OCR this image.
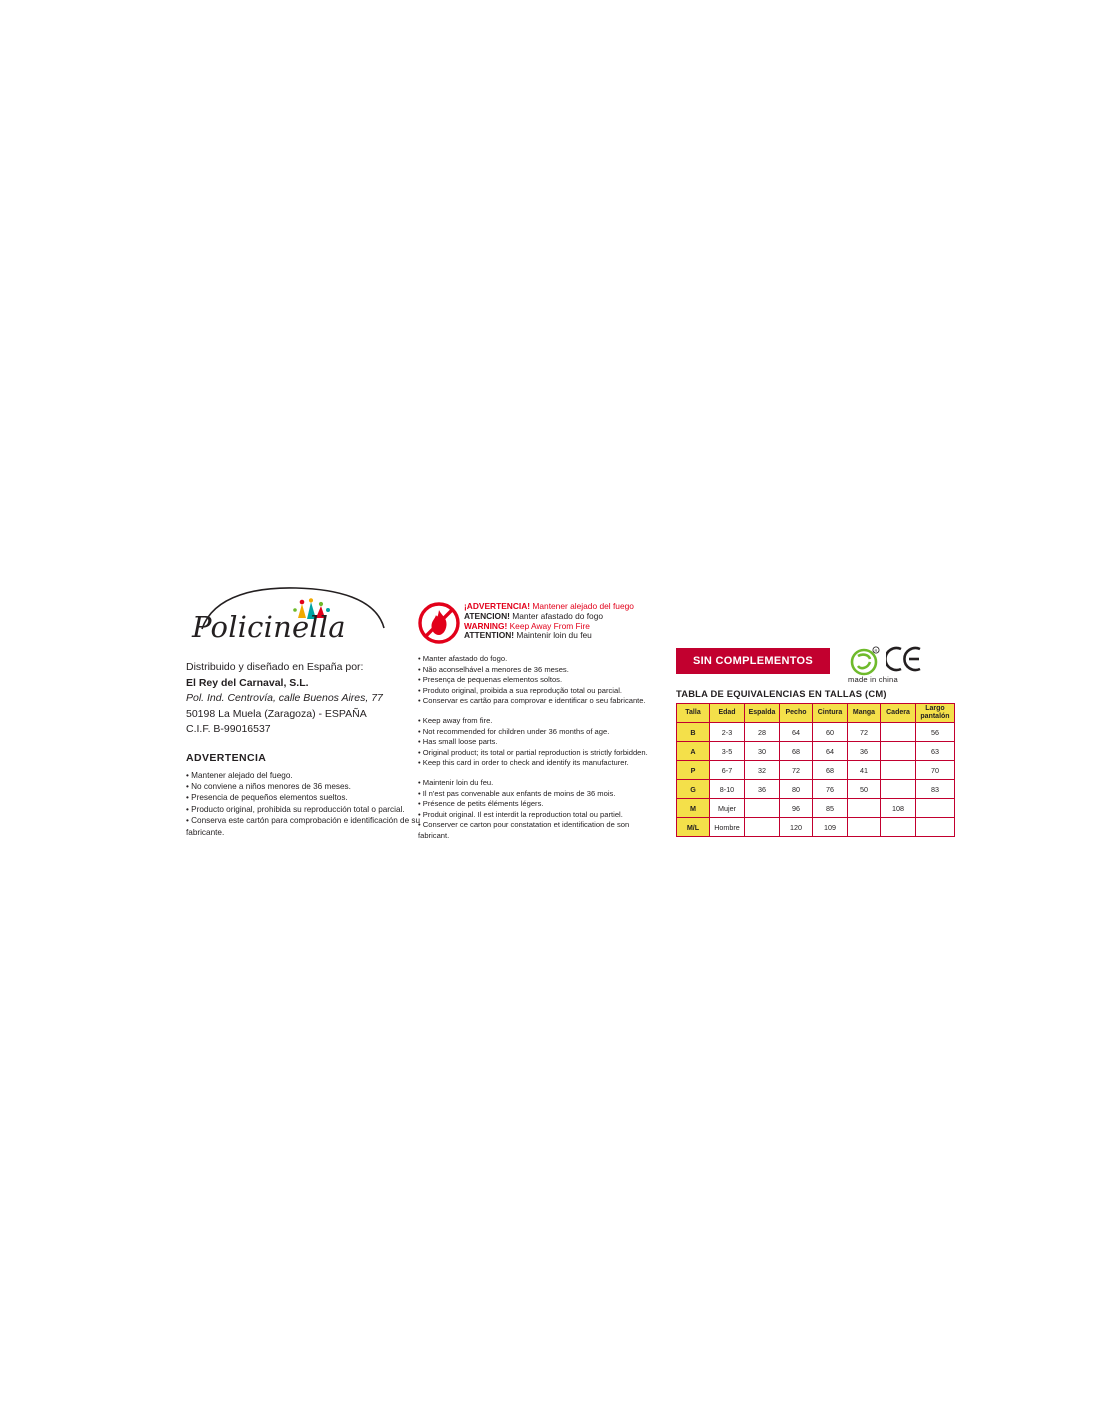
Policinella
Distribuido y diseñado en España por:
El Rey del Carnaval, S.L.
Pol. Ind. Centrovía, calle Buenos Aires, 77
50198 La Muela (Zaragoza) - ESPAÑA
C.I.F. B-99016537
ADVERTENCIA
• Mantener alejado del fuego.
• No conviene a niños menores de 36 meses.
• Presencia de pequeños elementos sueltos.
• Producto original, prohibida su reproducción total o parcial.
• Conserva este cartón para comprobación e identificación de su fabricante.
¡ADVERTENCIA! Mantener alejado del fuego
ATENCION! Manter afastado do fogo
WARNING! Keep Away From Fire
ATTENTION! Maintenir loin du feu
• Manter afastado do fogo.
• Não aconselhável a menores de 36 meses.
• Presença de pequenas elementos soltos.
• Produto original, proibida a sua reprodução total ou parcial.
• Conservar es cartão para comprovar e identificar o seu fabricante.
• Keep away from fire.
• Not recommended for children under 36 months of age.
• Has small loose parts.
• Original product; its total or partial reproduction is strictly forbidden.
• Keep this card in order to check and identify its manufacturer.
• Maintenir loin du feu.
• Il n'est pas convenable aux enfants de moins de 36 mois.
• Présence de petits éléments légers.
• Produit original. Il est interdit la reproduction total ou partiel.
• Conserver ce carton pour constatation et identification de son fabricant.
SIN COMPLEMENTOS
R
made in china
TABLA DE EQUIVALENCIAS EN TALLAS (CM)
Talla	Edad	Espalda	Pecho	Cintura	Manga	Cadera	Largo pantalón
B	2-3	28	64	60	72		56
A	3-5	30	68	64	36		63
P	6-7	32	72	68	41		70
G	8-10	36	80	76	50		83
M	Mujer		96	85		108	
M/L	Hombre		120	109			
